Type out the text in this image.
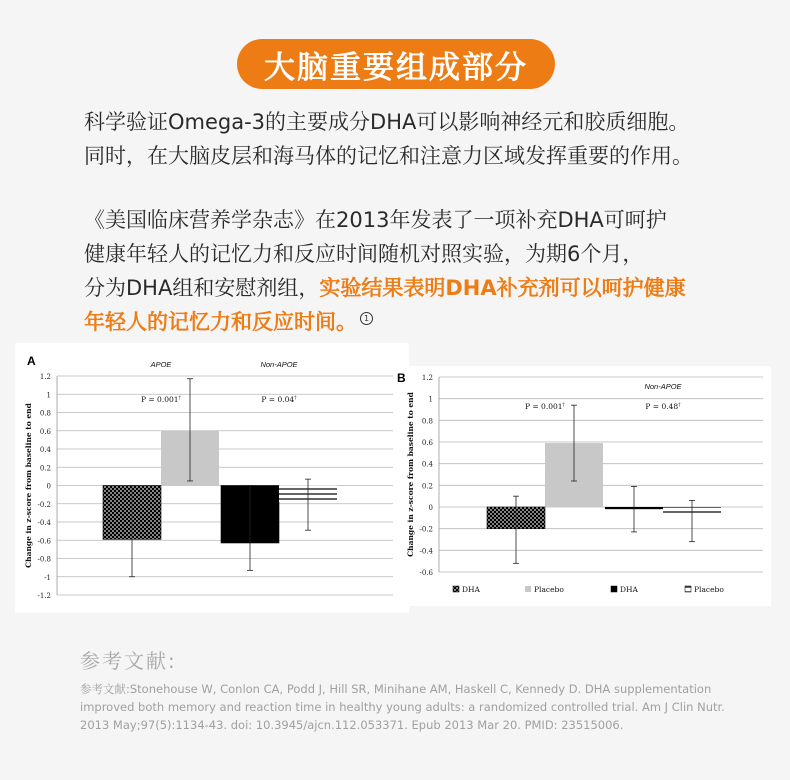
大脑重要组成部分
科学验证Omega-3的主要成分DHA可以影响神经元和胶质细胞。
同时，在大脑皮层和海马体的记忆和注意力区域发挥重要的作用。
《美国临床营养学杂志》在2013年发表了一项补充DHA可呵护
健康年轻人的记忆力和反应时间随机对照实验，为期6个月，
分为DHA组和安慰剂组，实验结果表明DHA补充剂可以呵护健康
年轻人的记忆力和反应时间。 1
1.2
1
0.8
0.6
0.4
0.2
0
-0.2
-0.4
-0.6
-0.8
-1
-1.2
Change in z-score from baseline to end
A	APOE
P = 0.001†
Non-APOE
P = 0.04†
1.2
1
0.8
0.6
0.4
0.2
0
-0.2
-0.4
-0.6
Change in z-score from baseline to end
B
P = 0.001†
Non-APOE
P = 0.48†
DHA	Placebo	DHA	Placebo
参考文献:
参考文献:Stonehouse W, Conlon CA, Podd J, Hill SR, Minihane AM, Haskell C, Kennedy D. DHA supplementation
improved both memory and reaction time in healthy young adults: a randomized controlled trial. Am J Clin Nutr.
2013 May;97(5):1134-43. doi: 10.3945/ajcn.112.053371. Epub 2013 Mar 20. PMID: 23515006.
